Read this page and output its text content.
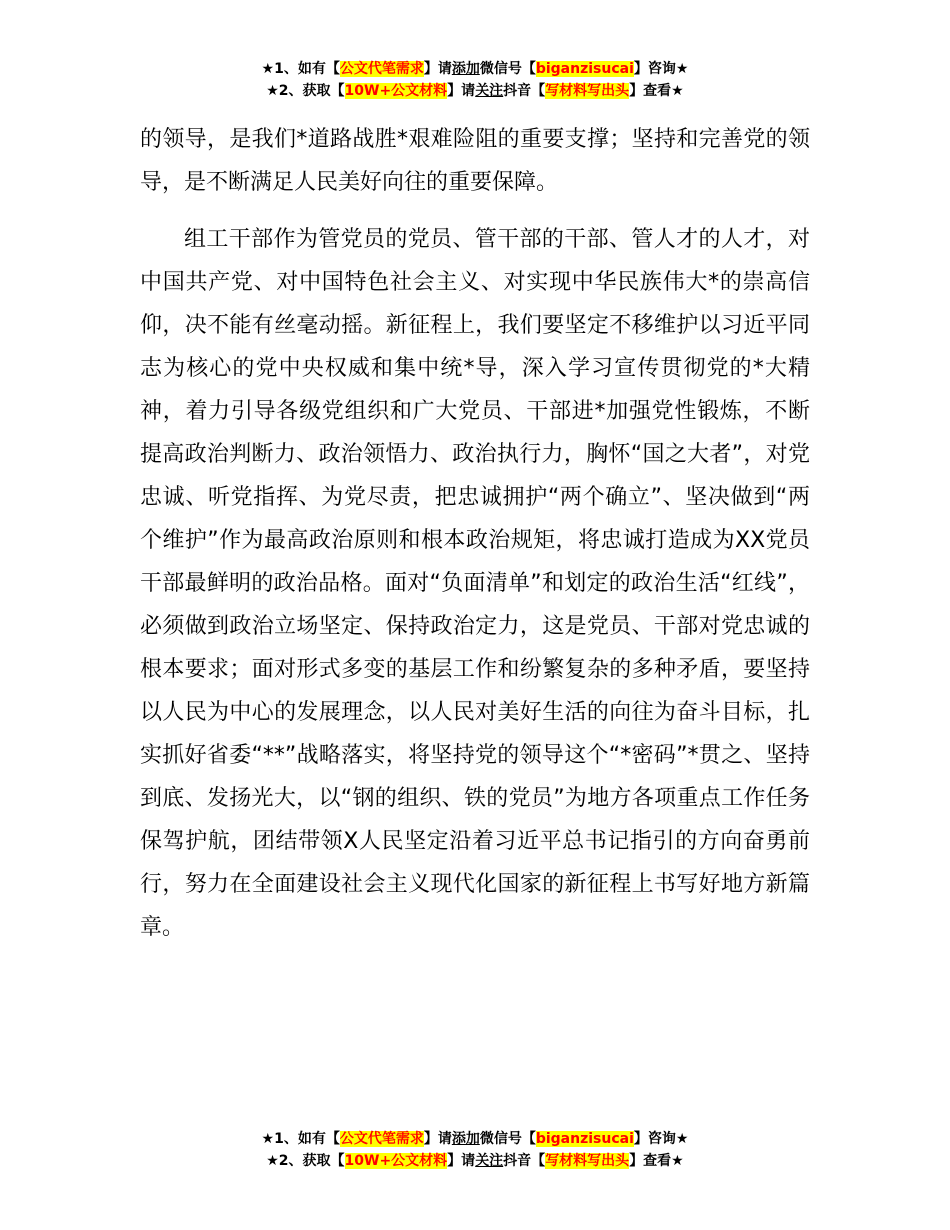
★1、如有【公文代笔需求】请添加微信号【biganzisucai】咨询★
★2、获取【10W+公文材料】请关注抖音【写材料写出头】查看★

的领导，是我们*道路战胜*艰难险阻的重要支撑；坚持和完善党的领导，是不断满足人民美好向往的重要保障。

组工干部作为管党员的党员、管干部的干部、管人才的人才，对中国共产党、对中国特色社会主义、对实现中华民族伟大*的崇高信仰，决不能有丝毫动摇。新征程上，我们要坚定不移维护以习近平同志为核心的党中央权威和集中统*导，深入学习宣传贯彻党的*大精神，着力引导各级党组织和广大党员、干部进*加强党性锻炼，不断提高政治判断力、政治领悟力、政治执行力，胸怀“国之大者”，对党忠诚、听党指挥、为党尽责，把忠诚拥护“两个确立”、坚决做到“两个维护”作为最高政治原则和根本政治规矩，将忠诚打造成为XX党员干部最鲜明的政治品格。面对“负面清单”和划定的政治生活“红线”，必须做到政治立场坚定、保持政治定力，这是党员、干部对党忠诚的根本要求；面对形式多变的基层工作和纷繁复杂的多种矛盾，要坚持以人民为中心的发展理念，以人民对美好生活的向往为奋斗目标，扎实抓好省委“**”战略落实，将坚持党的领导这个“*密码”*贯之、坚持到底、发扬光大，以“钢的组织、铁的党员”为地方各项重点工作任务保驾护航，团结带领X人民坚定沿着习近平总书记指引的方向奋勇前行，努力在全面建设社会主义现代化国家的新征程上书写好地方新篇章。

★1、如有【公文代笔需求】请添加微信号【biganzisucai】咨询★
★2、获取【10W+公文材料】请关注抖音【写材料写出头】查看★
